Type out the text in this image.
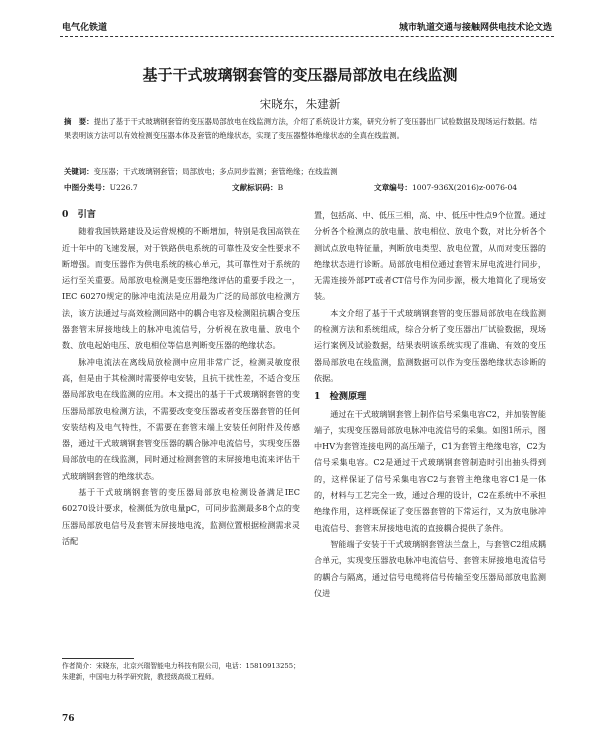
电气化铁道	城市轨道交通与接触网供电技术论文选
基于干式玻璃钢套管的变压器局部放电在线监测
宋晓东，朱建新
摘　要：提出了基于干式玻璃钢套管的变压器局部放电在线监测方法，介绍了系统设计方案，研究分析了变压器出厂试验数据及现场运行数据。结果表明该方法可以有效检测变压器本体及套管的绝缘状态，实现了变压器整体绝缘状态的全真在线监测。
关键词：变压器；干式玻璃钢套管；局部放电；多点同步监测；套管绝缘；在线监测
中图分类号：U226.7	文献标识码：B	文章编号：1007-936X(2016)z-0076-04

0　引言

随着我国铁路建设及运营规模的不断增加，特别是我国高铁在近十年中的飞速发展，对于铁路供电系统的可靠性及安全性要求不断增强。而变压器作为供电系统的核心单元，其可靠性对于系统的运行至关重要。局部放电检测是变压器绝缘评估的重要手段之一，IEC 60270规定的脉冲电流法是应用最为广泛的局部放电检测方法，该方法通过与高效检测回路中的耦合电容及检测阻抗耦合变压器套管末屏接地线上的脉冲电流信号，分析视在放电量、放电个数、放电起始电压、放电相位等信息判断变压器的绝缘状态。

脉冲电流法在离线局放检测中应用非常广泛，检测灵敏度很高，但是由于其检测时需要停电安装，且抗干扰性差，不适合变压器局部放电在线监测的应用。本文提出的基于干式玻璃钢套管的变压器局部放电检测方法，不需要改变变压器或者变压器套管的任何安装结构及电气特性，不需要在套管末端上安装任何附件及传感器，通过干式玻璃钢套管变压器的耦合脉冲电流信号，实现变压器局部放电的在线监测，同时通过检测套管的末屏接地电流来评估干式玻璃钢套管的绝缘状态。

基于干式玻璃钢套管的变压器局部放电检测设备满足IEC 60270设计要求，检测低为放电量pC，可同步监测最多8个点的变压器局部放电信号及套管末屏接地电流，监测位置根据检测需求灵活配

置，包括高、中、低压三相，高、中、低压中性点9个位置。通过分析各个检测点的放电量、放电相位、放电个数，对比分析各个测试点放电特征量，判断放电类型、放电位置，从而对变压器的绝缘状态进行诊断。局部放电相位通过套管末屏电流进行同步，无需连接外部PT或者CT信号作为同步源，极大地简化了现场安装。

本文介绍了基于干式玻璃钢套管的变压器局部放电在线监测的检测方法和系统组成，综合分析了变压器出厂试验数据，现场运行案例及试验数据，结果表明该系统实现了准确、有效的变压器局部放电在线监测，监测数据可以作为变压器绝缘状态诊断的依据。

1　检测原理

通过在干式玻璃钢套管上制作信号采集电容C2，并加装智能端子，实现变压器局部放电脉冲电流信号的采集。如图1所示，图中HV为套管连接电网的高压端子，C1为套管主绝缘电容，C2为信号采集电容。C2是通过干式玻璃钢套管制造时引出抽头得到的，这样保证了信号采集电容C2与套管主绝缘电容C1是一体的，材料与工艺完全一致，通过合理的设计，C2在系统中不承担绝缘作用，这样既保证了变压器套管的下常运行，又为放电脉冲电流信号、套管末屏接地电流的直接耦合提供了条件。

智能端子安装于干式玻璃钢套管法兰盘上，与套管C2组成耦合单元，实现变压器放电脉冲电流信号、套管末屏接地电流信号的耦合与隔离，通过信号电缆将信号传输至变压器局部放电监测仪进

作者简介：宋晓东，北京兴瑞智能电力科技有限公司，电话：15810913255；
朱建新，中国电力科学研究院，教授级高级工程师。
76
